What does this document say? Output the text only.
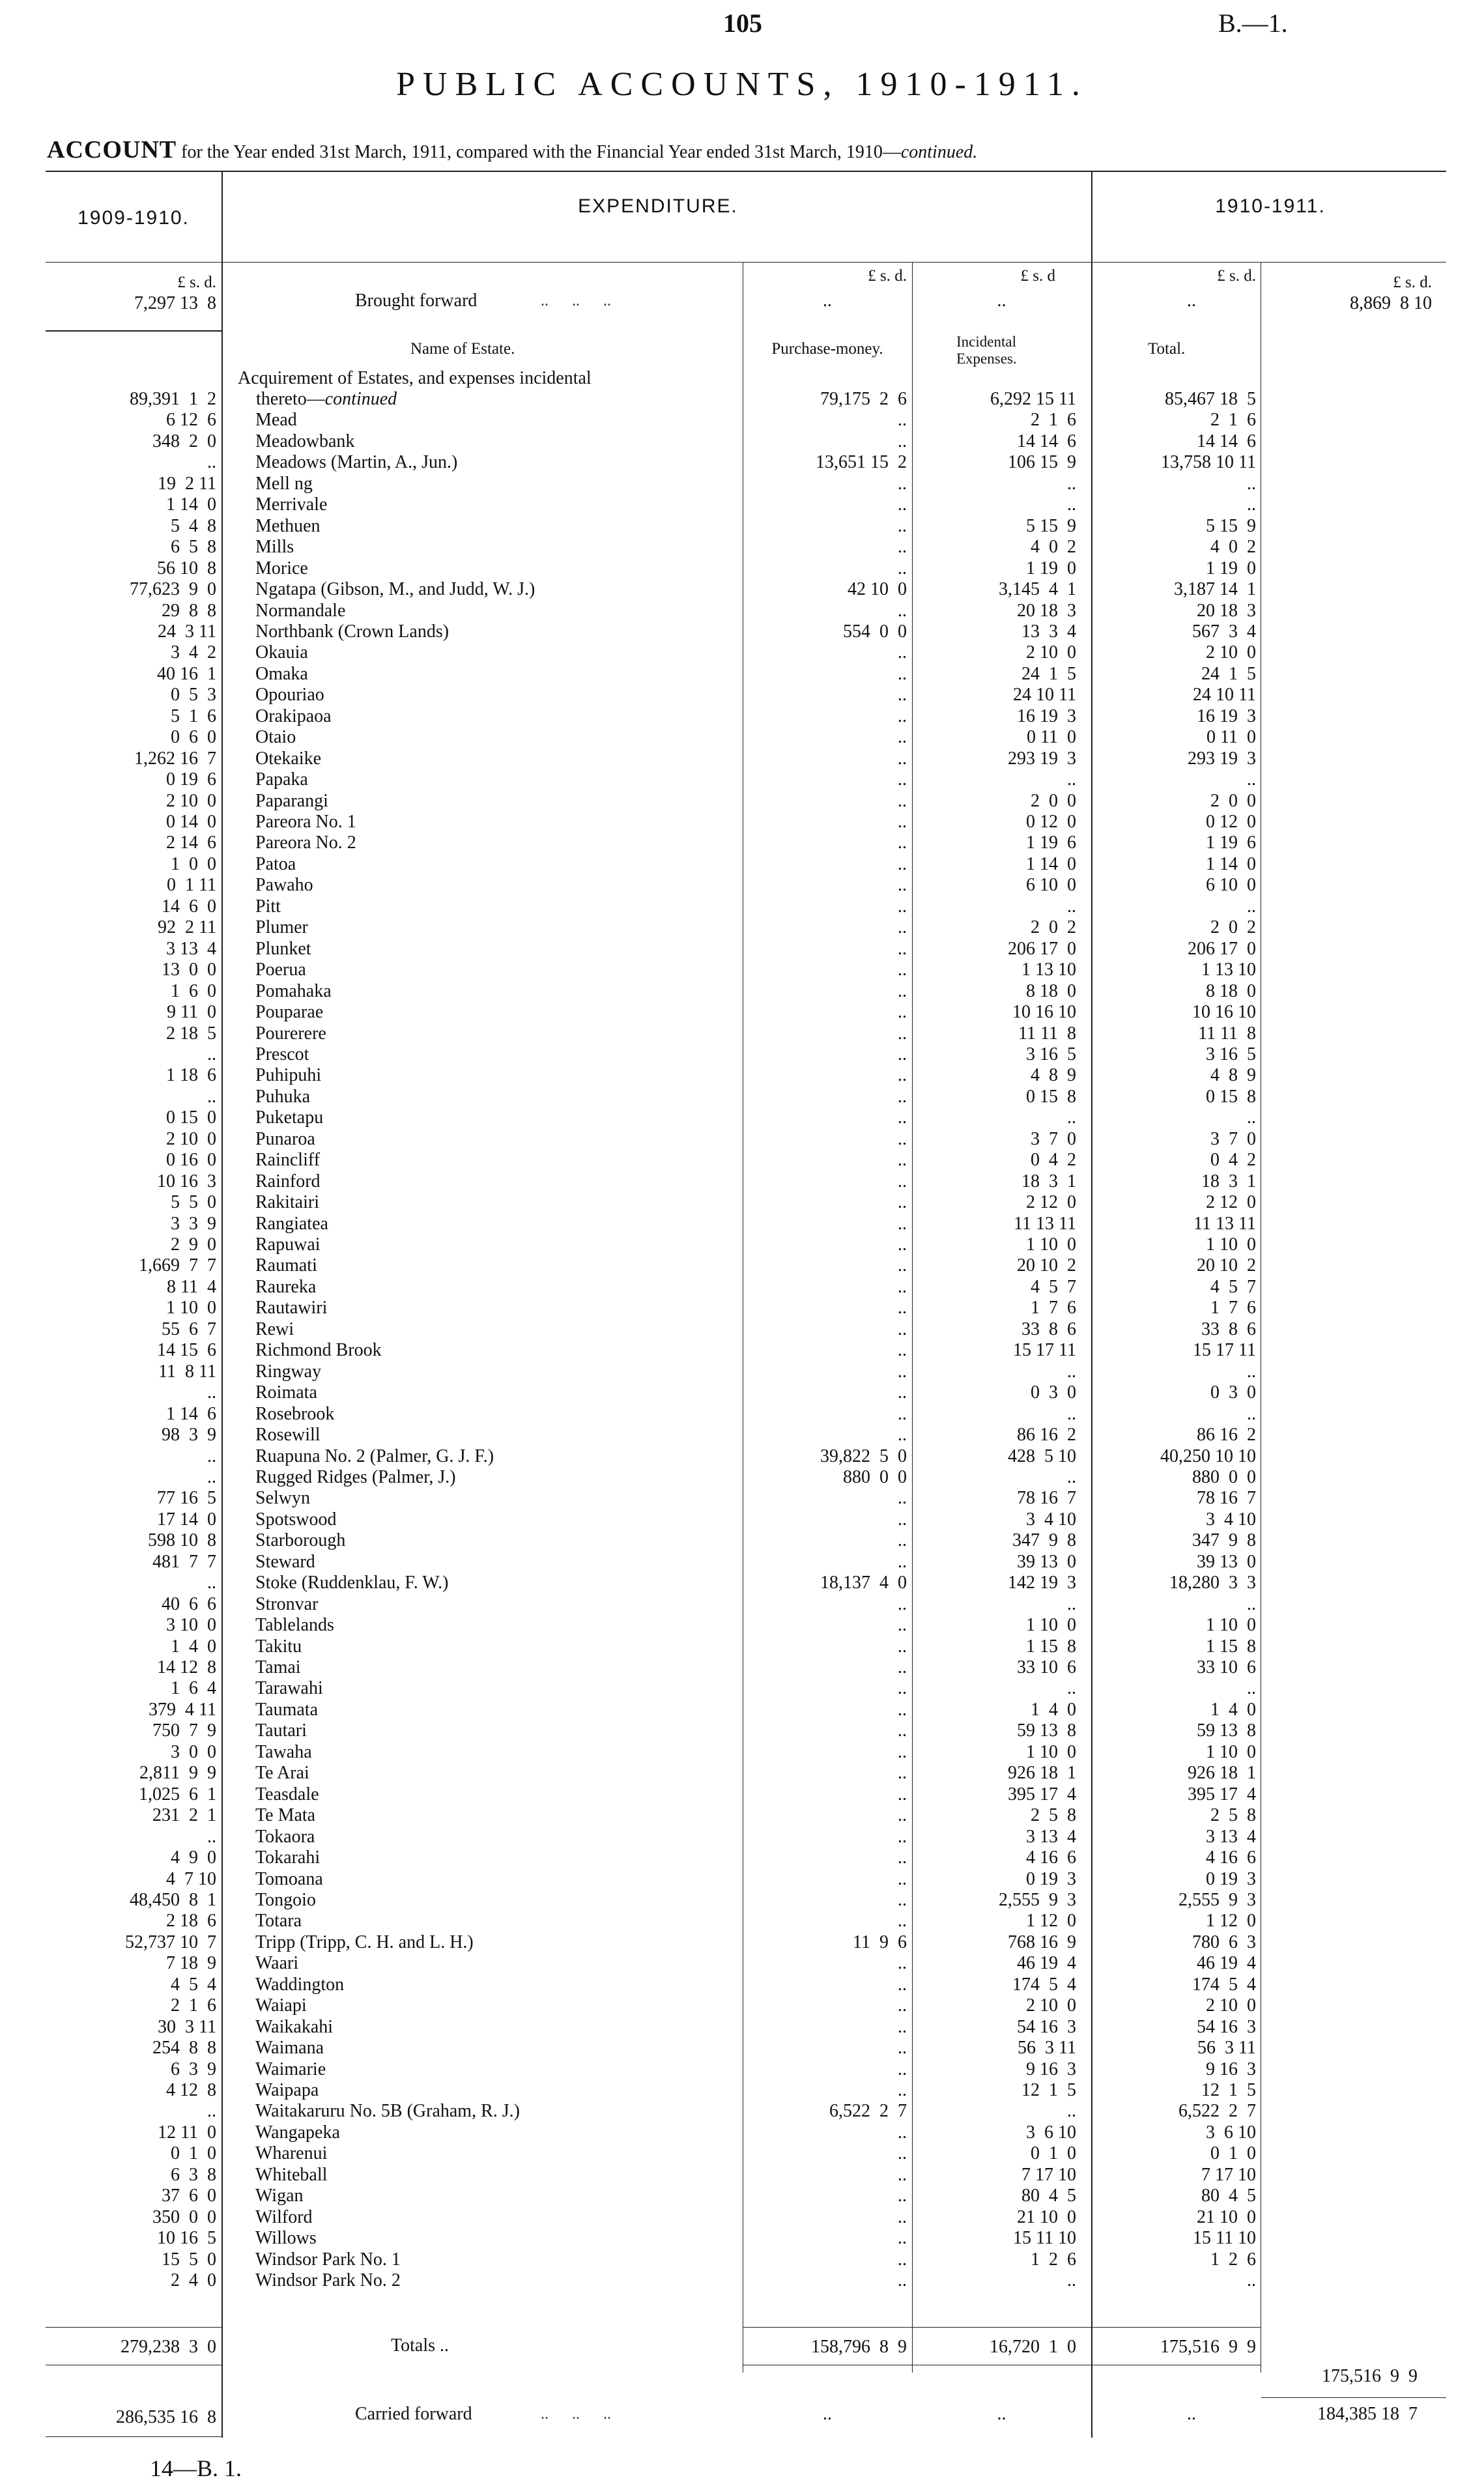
105	B.—1.
PUBLIC ACCOUNTS, 1910-1911.
ACCOUNT for the Year ended 31st March, 1911, compared with the Financial Year ended 31st March, 1910—continued.
1909-1910.
EXPENDITURE.	1910-1911.
£ s. d.	£ s. d.	£ s. d	£ s. d.	£ s. d.
7,297 13  8	Brought forward	..      ..      ..	..	..	..	8,869  8 10
Name of Estate.	Purchase-money.	Incidental
Expenses.
Total.
Acquirement of Estates, and expenses incidental
89,391  1  2 thereto—continued	79,175  2  6	6,292 15 11	85,467 18  5
6 12  6 Mead	..	2  1  6	2  1  6
348  2  0 Meadowbank	..	14 14  6	14 14  6
.. Meadows (Martin, A., Jun.)	13,651 15  2	106 15  9	13,758 10 11
19  2 11 Mell ng	..	..	..
1 14  0 Merrivale	..	..	..
5  4  8 Methuen	..	5 15  9	5 15  9
6  5  8 Mills	..	4  0  2	4  0  2
56 10  8 Morice	..	1 19  0	1 19  0
77,623  9  0 Ngatapa (Gibson, M., and Judd, W. J.)	42 10  0	3,145  4  1	3,187 14  1
29  8  8 Normandale	..	20 18  3	20 18  3
24  3 11 Northbank (Crown Lands)	554  0  0	13  3  4	567  3  4
3  4  2 Okauia	..	2 10  0	2 10  0
40 16  1 Omaka	..	24  1  5	24  1  5
0  5  3 Opouriao	..	24 10 11	24 10 11
5  1  6 Orakipaoa	..	16 19  3	16 19  3
0  6  0 Otaio	..	0 11  0	0 11  0
1,262 16  7 Otekaike	..	293 19  3	293 19  3
0 19  6 Papaka	..	..	..
2 10  0 Paparangi	..	2  0  0	2  0  0
0 14  0 Pareora No. 1	..	0 12  0	0 12  0
2 14  6 Pareora No. 2	..	1 19  6	1 19  6
1  0  0 Patoa	..	1 14  0	1 14  0
0  1 11 Pawaho	..	6 10  0	6 10  0
14  6  0 Pitt	..	..	..
92  2 11 Plumer	..	2  0  2	2  0  2
3 13  4 Plunket	..	206 17  0	206 17  0
13  0  0 Poerua	..	1 13 10	1 13 10
1  6  0 Pomahaka	..	8 18  0	8 18  0
9 11  0 Pouparae	..	10 16 10	10 16 10
2 18  5 Pourerere	..	11 11  8	11 11  8
.. Prescot	..	3 16  5	3 16  5
1 18  6 Puhipuhi	..	4  8  9	4  8  9
.. Puhuka	..	0 15  8	0 15  8
0 15  0 Puketapu	..	..	..
2 10  0 Punaroa	..	3  7  0	3  7  0
0 16  0 Raincliff	..	0  4  2	0  4  2
10 16  3 Rainford	..	18  3  1	18  3  1
5  5  0 Rakitairi	..	2 12  0	2 12  0
3  3  9 Rangiatea	..	11 13 11	11 13 11
2  9  0 Rapuwai	..	1 10  0	1 10  0
1,669  7  7 Raumati	..	20 10  2	20 10  2
8 11  4 Raureka	..	4  5  7	4  5  7
1 10  0 Rautawiri	..	1  7  6	1  7  6
55  6  7 Rewi	..	33  8  6	33  8  6
14 15  6 Richmond Brook	..	15 17 11	15 17 11
11  8 11 Ringway	..	..	..
.. Roimata	..	0  3  0	0  3  0
1 14  6 Rosebrook	..	..	..
98  3  9 Rosewill	..	86 16  2	86 16  2
.. Ruapuna No. 2 (Palmer, G. J. F.)	39,822  5  0	428  5 10	40,250 10 10
.. Rugged Ridges (Palmer, J.)	880  0  0	..	880  0  0
77 16  5 Selwyn	..	78 16  7	78 16  7
17 14  0 Spotswood	..	3  4 10	3  4 10
598 10  8 Starborough	..	347  9  8	347  9  8
481  7  7 Steward	..	39 13  0	39 13  0
.. Stoke (Ruddenklau, F. W.)	18,137  4  0	142 19  3	18,280  3  3
40  6  6 Stronvar	..	..	..
3 10  0 Tablelands	..	1 10  0	1 10  0
1  4  0 Takitu	..	1 15  8	1 15  8
14 12  8 Tamai	..	33 10  6	33 10  6
1  6  4 Tarawahi	..	..	..
379  4 11 Taumata	..	1  4  0	1  4  0
750  7  9 Tautari	..	59 13  8	59 13  8
3  0  0 Tawaha	..	1 10  0	1 10  0
2,811  9  9 Te Arai	..	926 18  1	926 18  1
1,025  6  1 Teasdale	..	395 17  4	395 17  4
231  2  1 Te Mata	..	2  5  8	2  5  8
.. Tokaora	..	3 13  4	3 13  4
4  9  0 Tokarahi	..	4 16  6	4 16  6
4  7 10 Tomoana	..	0 19  3	0 19  3
48,450  8  1 Tongoio	..	2,555  9  3	2,555  9  3
2 18  6 Totara	..	1 12  0	1 12  0
52,737 10  7 Tripp (Tripp, C. H. and L. H.)	11  9  6	768 16  9	780  6  3
7 18  9 Waari	..	46 19  4	46 19  4
4  5  4 Waddington	..	174  5  4	174  5  4
2  1  6 Waiapi	..	2 10  0	2 10  0
30  3 11 Waikakahi	..	54 16  3	54 16  3
254  8  8 Waimana	..	56  3 11	56  3 11
6  3  9 Waimarie	..	9 16  3	9 16  3
4 12  8 Waipapa	..	12  1  5	12  1  5
.. Waitakaruru No. 5B (Graham, R. J.)	6,522  2  7	..	6,522  2  7
12 11  0 Wangapeka	..	3  6 10	3  6 10
0  1  0 Wharenui	..	0  1  0	0  1  0
6  3  8 Whiteball	..	7 17 10	7 17 10
37  6  0 Wigan	..	80  4  5	80  4  5
350  0  0 Wilford	..	21 10  0	21 10  0
10 16  5 Willows	..	15 11 10	15 11 10
15  5  0 Windsor Park No. 1	..	1  2  6	1  2  6
2  4  0 Windsor Park No. 2	..	..	..
279,238  3  0	Totals ..	158,796  8  9	16,720  1  0	175,516  9  9
175,516  9  9
286,535 16  8	Carried forward	..      ..      ..	..	..	..	184,385 18  7
14—B. 1.
